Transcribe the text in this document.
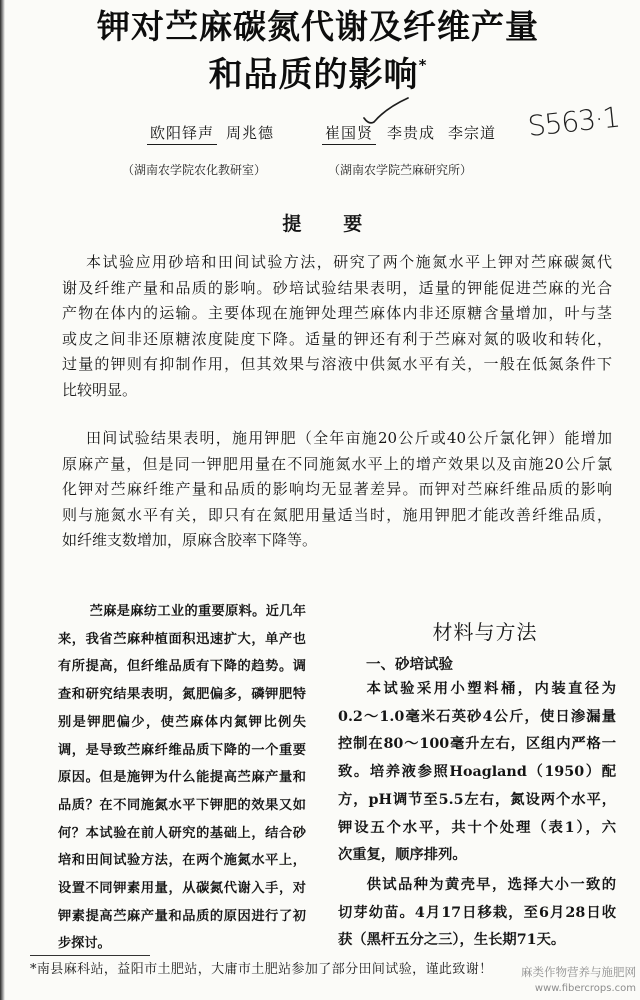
钾对苎麻碳氮代谢及纤维产量
和品质的影响*
欧阳铎声 周兆德	崔国贤 李贵成 李宗道 S563·1
（湖南农学院农化教研室）	（湖南农学院苎麻研究所）
提　要
本试验应用砂培和田间试验方法，研究了两个施氮水平上钾对苎麻碳氮代
谢及纤维产量和品质的影响。砂培试验结果表明，适量的钾能促进苎麻的光合
产物在体内的运输。主要体现在施钾处理苎麻体内非还原糖含量增加，叶与茎
或皮之间非还原糖浓度陡度下降。适量的钾还有利于苎麻对氮的吸收和转化，
过量的钾则有抑制作用，但其效果与溶液中供氮水平有关，一般在低氮条件下
比较明显。
田间试验结果表明，施用钾肥（全年亩施20公斤或40公斤氯化钾）能增加
原麻产量，但是同一钾肥用量在不同施氮水平上的增产效果以及亩施20公斤氯
化钾对苎麻纤维产量和品质的影响均无显著差异。而钾对苎麻纤维品质的影响
则与施氮水平有关，即只有在氮肥用量适当时，施用钾肥才能改善纤维品质，
如纤维支数增加，原麻含胶率下降等。
苎麻是麻纺工业的重要原料。近几年
来，我省苎麻种植面积迅速扩大，单产也
有所提高，但纤维品质有下降的趋势。调
查和研究结果表明，氮肥偏多，磷钾肥特
别是钾肥偏少，使苎麻体内氮钾比例失
调，是导致苎麻纤维品质下降的一个重要
原因。但是施钾为什么能提高苎麻产量和
品质？在不同施氮水平下钾肥的效果又如
何？本试验在前人研究的基础上，结合砂
培和田间试验方法，在两个施氮水平上，
设置不同钾素用量，从碳氮代谢入手，对
钾素提高苎麻产量和品质的原因进行了初
步探讨。
材料与方法
一、砂培试验
本试验采用小塑料桶，内装直径为
0.2～1.0毫米石英砂4公斤，使日渗漏量
控制在80～100毫升左右，区组内严格一
致。培养液参照Hoagland（1950）配
方，pH调节至5.5左右，氮设两个水平，
钾设五个水平，共十个处理（表1），六
次重复，顺序排列。
供试品种为黄壳早，选择大小一致的
切芽幼苗。4月17日移栽，至6月28日收
获（黑杆五分之三），生长期71天。
*南县麻科站，益阳市土肥站，大庸市土肥站参加了部分田间试验，谨此致谢！ 麻类作物营养与施肥网
www.fibercrops.com
